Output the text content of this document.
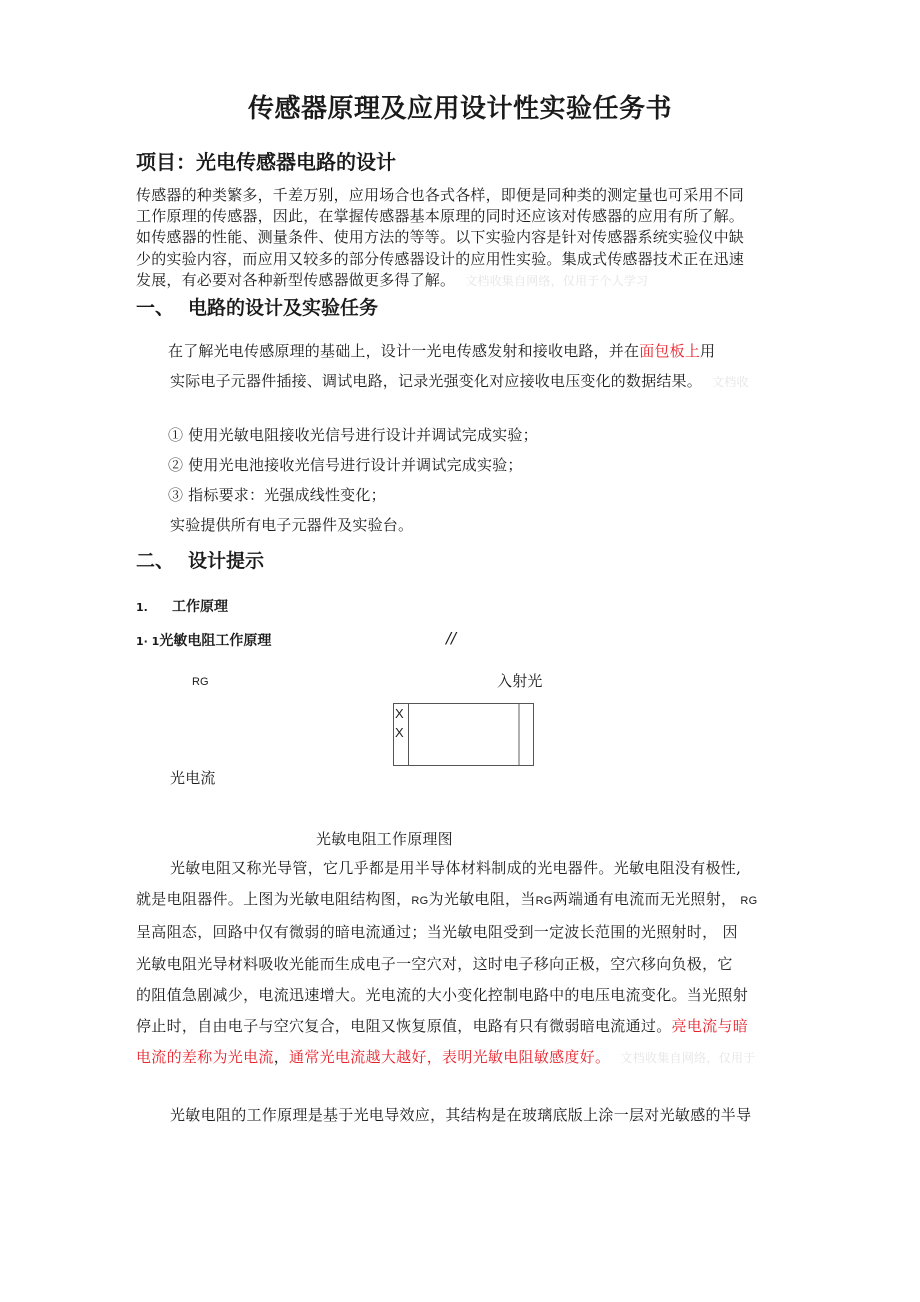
传感器原理及应用设计性实验任务书
项目：光电传感器电路的设计
传感器的种类繁多，千差万别，应用场合也各式各样，即便是同种类的测定量也可采用不同
工作原理的传感器，因此，在掌握传感器基本原理的同时还应该对传感器的应用有所了解。
如传感器的性能、测量条件、使用方法的等等。以下实验内容是针对传感器系统实验仪中缺
少的实验内容，而应用又较多的部分传感器设计的应用性实验。集成式传感器技术正在迅速
发展，有必要对各种新型传感器做更多得了解。 文档收集自网络，仅用于个人学习
一、 电路的设计及实验任务
在了解光电传感原理的基础上，设计一光电传感发射和接收电路，并在面包板上用
实际电子元器件插接、调试电路，记录光强变化对应接收电压变化的数据结果。 文档收
① 使用光敏电阻接收光信号进行设计并调试完成实验；
② 使用光电池接收光信号进行设计并调试完成实验；
③ 指标要求：光强成线性变化；
实验提供所有电子元器件及实验台。
二、 设计提示
1. 工作原理
1· 1光敏电阻工作原理	//
RG	入射光
X
X
光电流
光敏电阻工作原理图
光敏电阻又称光导管，它几乎都是用半导体材料制成的光电器件。光敏电阻没有极性,
就是电阻器件。上图为光敏电阻结构图，RG为光敏电阻，当RG两端通有电流而无光照射， RG
呈高阻态，回路中仅有微弱的暗电流通过；当光敏电阻受到一定波长范围的光照射时， 因
光敏电阻光导材料吸收光能而生成电子一空穴对，这时电子移向正极，空穴移向负极，它
的阻值急剧减少，电流迅速增大。光电流的大小变化控制电路中的电压电流变化。当光照射
停止时，自由电子与空穴复合，电阻又恢复原值，电路有只有微弱暗电流通过。亮电流与暗
电流的差称为光电流，通常光电流越大越好，表明光敏电阻敏感度好。 文档收集自网络，仅用于
光敏电阻的工作原理是基于光电导效应，其结构是在玻璃底版上涂一层对光敏感的半导
